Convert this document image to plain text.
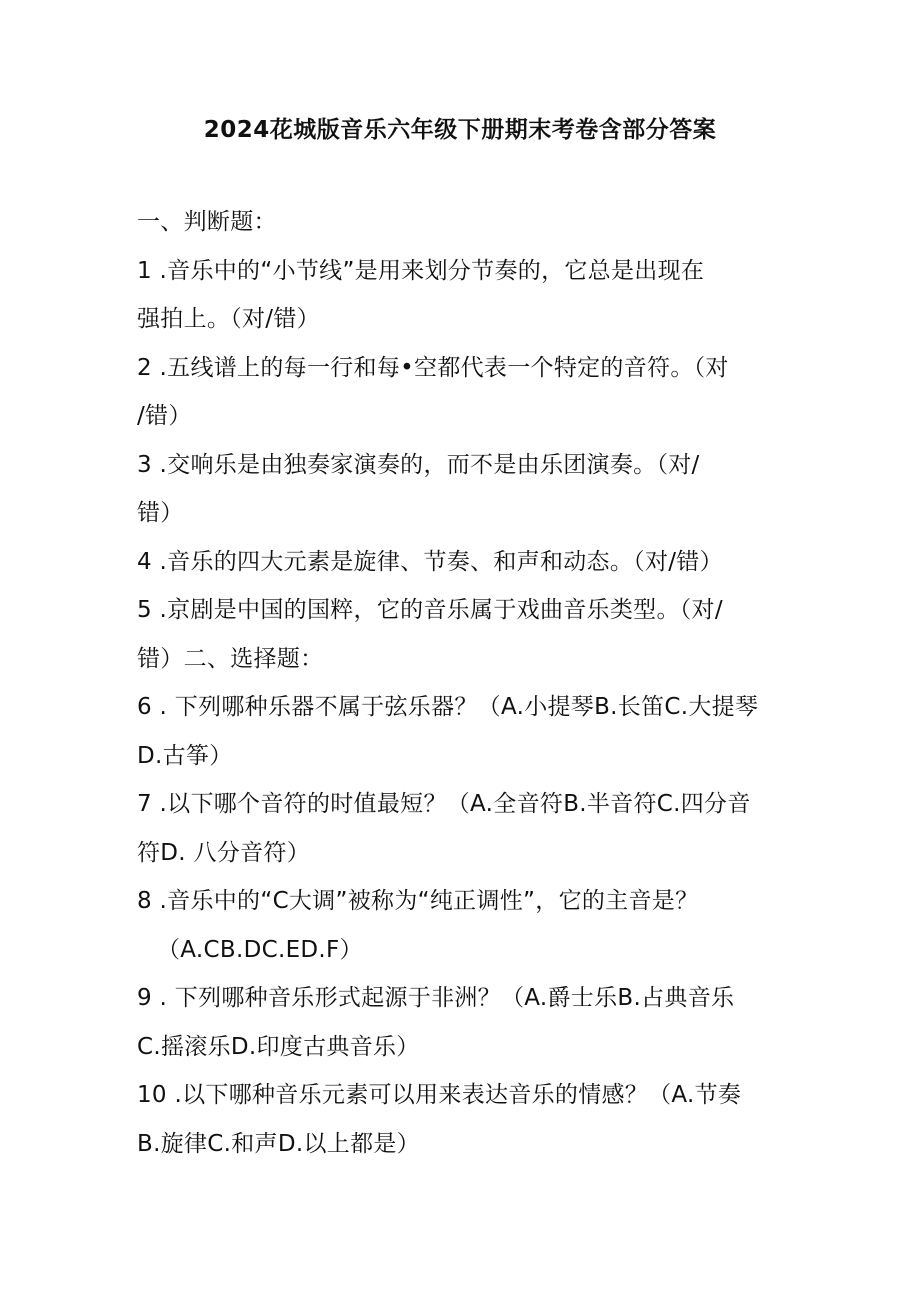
2024花城版音乐六年级下册期末考卷含部分答案
一、判断题：
1 .音乐中的“小节线”是用来划分节奏的，它总是出现在
强拍上。（对/错）
2 .五线谱上的每一行和每•空都代表一个特定的音符。（对
/错）
3 .交响乐是由独奏家演奏的，而不是由乐团演奏。（对/
错）
4 .音乐的四大元素是旋律、节奏、和声和动态。（对/错）
5 .京剧是中国的国粹，它的音乐属于戏曲音乐类型。（对/
错）二、选择题：
6 . 下列哪种乐器不属于弦乐器？（A.小提琴B.长笛C.大提琴
D.古筝）
7 .以下哪个音符的时值最短？（A.全音符B.半音符C.四分音
符D. 八分音符）
8 .音乐中的“C大调”被称为“纯正调性”，它的主音是？
（A.CB.DC.ED.F）
9 . 下列哪种音乐形式起源于非洲？（A.爵士乐B.占典音乐
C.摇滚乐D.印度古典音乐）
10 .以下哪种音乐元素可以用来表达音乐的情感？（A.节奏
B.旋律C.和声D.以上都是）
